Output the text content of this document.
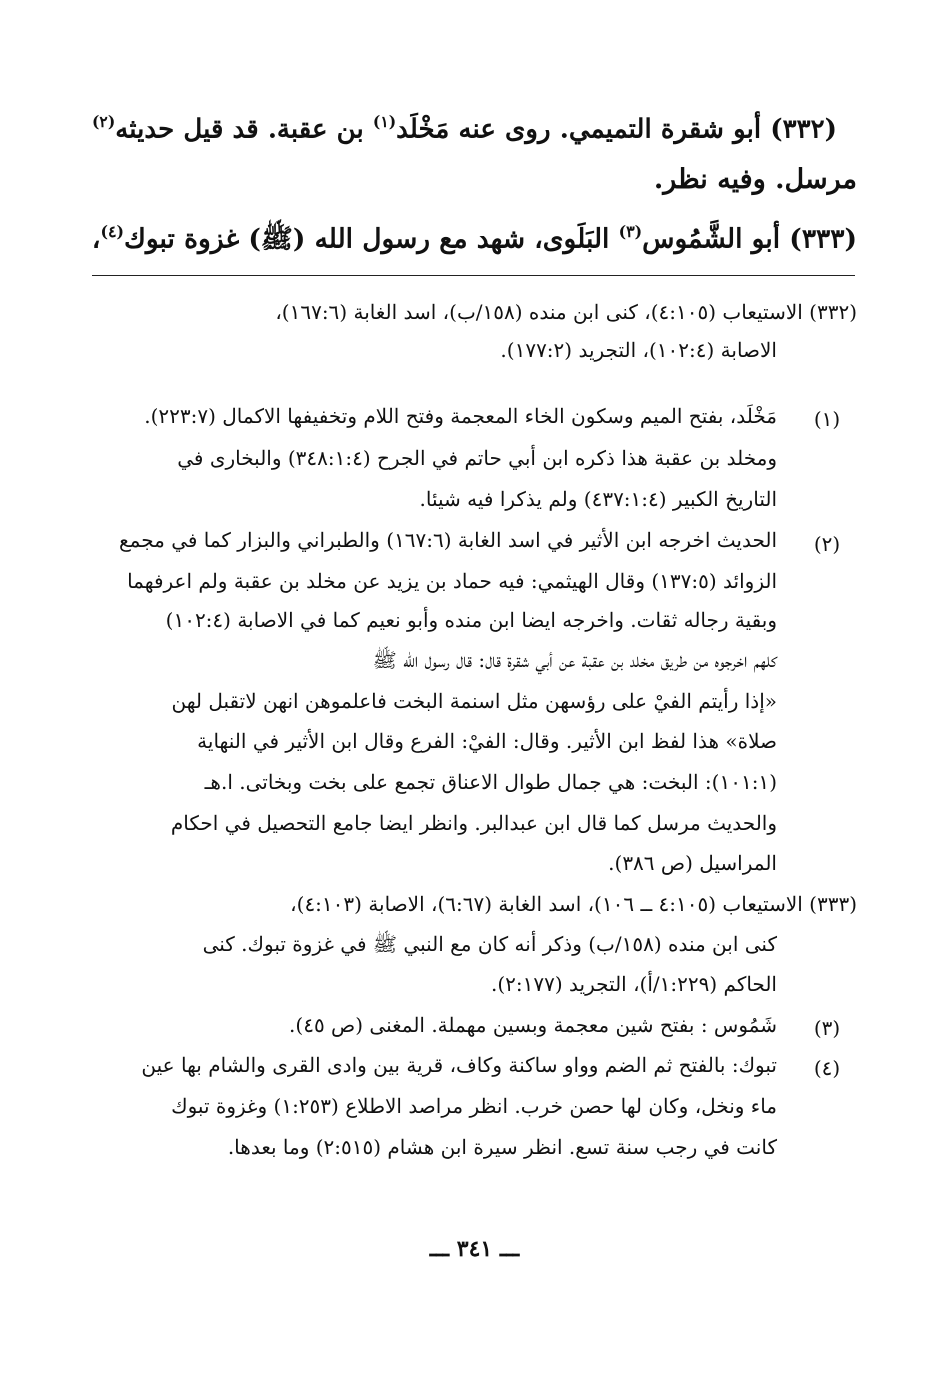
(٣٣٢) أبو شقرة التميمي. روى عنه مَخْلَد$^{(١)}$ بن عقبة. قد قيل حديثه$^{(٢)}$
مرسل. وفيه نظر.
(٣٣٣) أبو الشَّمُوس$^{(٣)}$ البَلَوى، شهد مع رسول الله (ﷺ) غزوة تبوك$^{(٤)}$،
(٣٣٢) الاستيعاب (٤:١٠٥)، كنى ابن منده (١٥٨/ب)، اسد الغابة (١٦٧:٦)،
الاصابة (١٠٢:٤)، التجريد (١٧٧:٢).
(١)
مَخْلَد، بفتح الميم وسكون الخاء المعجمة وفتح اللام وتخفيفها الاكمال (٢٢٣:٧).
ومخلد بن عقبة هذا ذكره ابن أبي حاتم في الجرح (٣٤٨:١:٤) والبخارى في
التاريخ الكبير (٤٣٧:١:٤) ولم يذكرا فيه شيئا.
(٢)
الحديث اخرجه ابن الأثير في اسد الغابة (١٦٧:٦) والطبراني والبزار كما في مجمع
الزوائد (١٣٧:٥) وقال الهيثمي: فيه حماد بن يزيد عن مخلد بن عقبة ولم اعرفهما
وبقية رجاله ثقات. واخرجه ايضا ابن منده وأبو نعيم كما في الاصابة (١٠٢:٤)
كلهم اخرجوه من طريق مخلد بن عقبة عن أبي شقرة قال: قال رسول الله ﷺ
«إذا رأيتم الفيْ على رؤسهن مثل اسنمة البخت فاعلموهن انهن لاتقبل لهن
صلاة» هذا لفظ ابن الأثير. وقال: الفيْ: الفرع وقال ابن الأثير في النهاية
(١٠١:١): البخت: هي جمال طوال الاعناق تجمع على بخت وبخاتى. ا.هـ
والحديث مرسل كما قال ابن عبدالبر. وانظر ايضا جامع التحصيل في احكام
المراسيل (ص ٣٨٦).
(٣٣٣) الاستيعاب (٤:١٠٥ ــ ١٠٦)، اسد الغابة (٦:٦٧)، الاصابة (٤:١٠٣)،
كنى ابن منده (١٥٨/ب) وذكر أنه كان مع النبي ﷺ في غزوة تبوك. كنى
الحاكم (١:٢٢٩/أ)، التجريد (٢:١٧٧).
(٣)
شَمُوس : بفتح شين معجمة وبسين مهملة. المغنى (ص ٤٥).
(٤)
تبوك: بالفتح ثم الضم وواو ساكنة وكاف، قرية بين وادى القرى والشام بها عين
ماء ونخل، وكان لها حصن خرب. انظر مراصد الاطلاع (١:٢٥٣) وغزوة تبوك
كانت في رجب سنة تسع. انظر سيرة ابن هشام (٢:٥١٥) وما بعدها.
ـــ ٣٤١ ـــ
